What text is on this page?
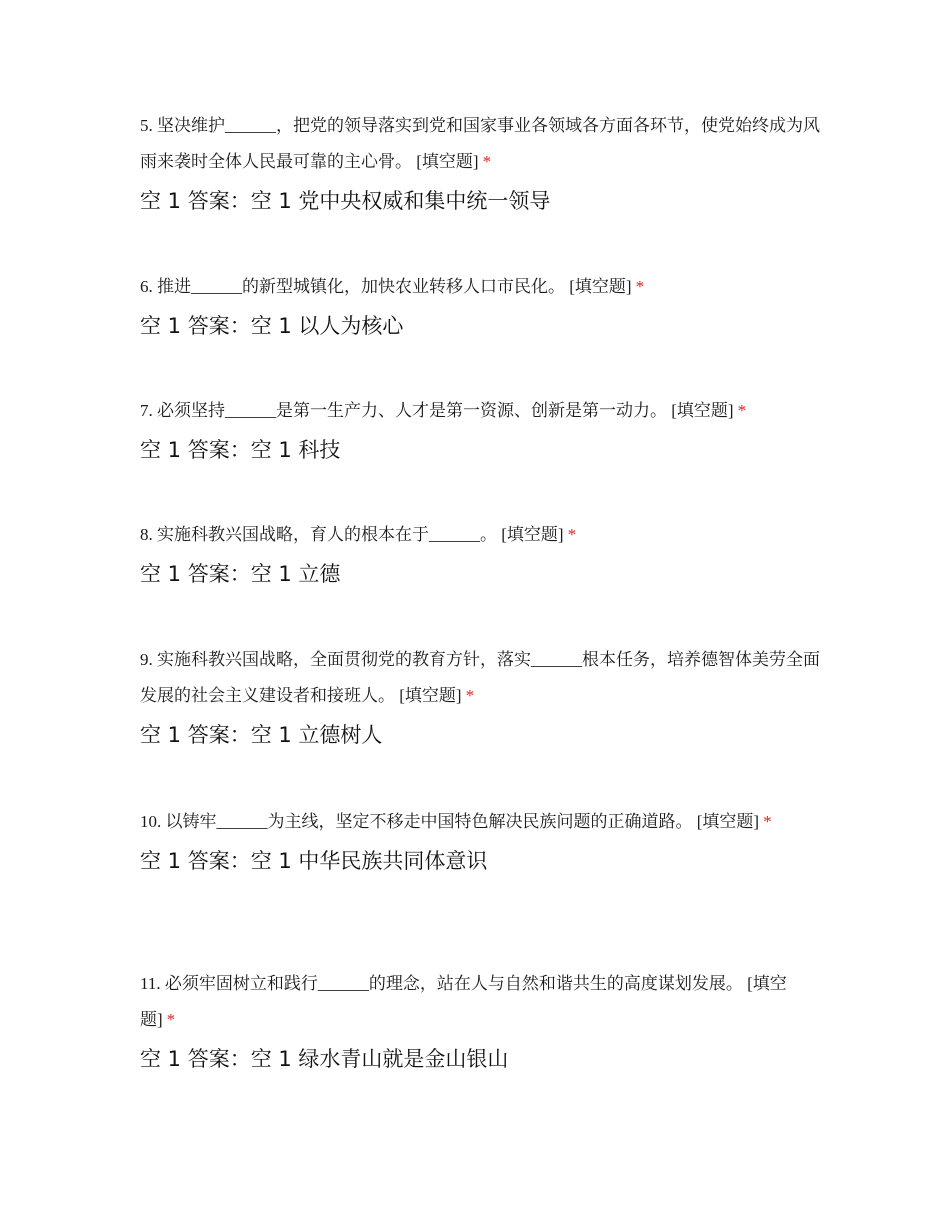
5. 坚决维护______，把党的领导落实到党和国家事业各领域各方面各环节，使党始终成为风雨来袭时全体人民最可靠的主心骨。 [填空题] *

空 1 答案：空 1 党中央权威和集中统一领导

6. 推进______的新型城镇化，加快农业转移人口市民化。 [填空题] *

空 1 答案：空 1 以人为核心

7. 必须坚持______是第一生产力、人才是第一资源、创新是第一动力。 [填空题] *

空 1 答案：空 1 科技

8. 实施科教兴国战略，育人的根本在于______。 [填空题] *

空 1 答案：空 1 立德

9. 实施科教兴国战略，全面贯彻党的教育方针，落实______根本任务，培养德智体美劳全面发展的社会主义建设者和接班人。 [填空题] *

空 1 答案：空 1 立德树人

10. 以铸牢______为主线，坚定不移走中国特色解决民族问题的正确道路。 [填空题] *

空 1 答案：空 1 中华民族共同体意识

11. 必须牢固树立和践行______的理念，站在人与自然和谐共生的高度谋划发展。 [填空题] *

空 1 答案：空 1 绿水青山就是金山银山
